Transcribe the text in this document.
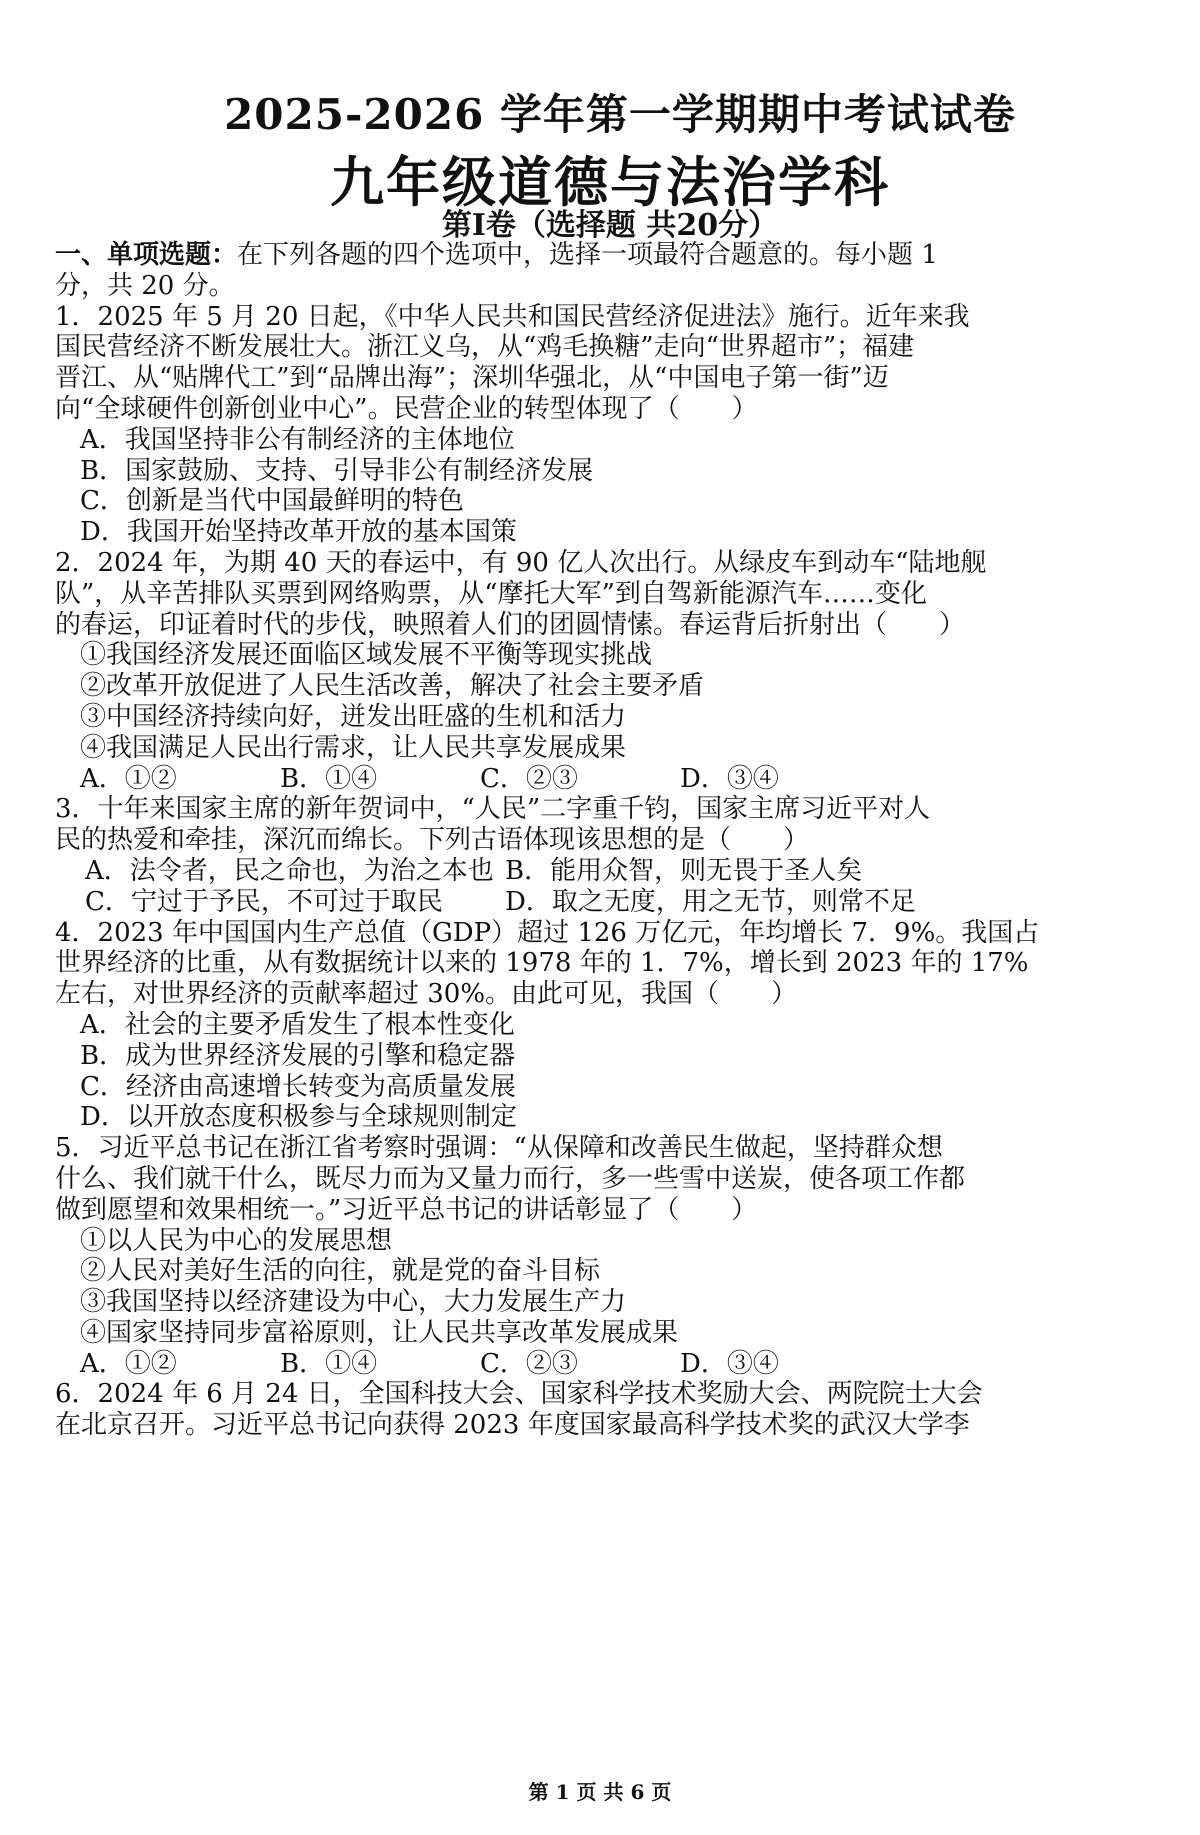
2025-2026 学年第一学期期中考试试卷
九年级道德与法治学科
第Ⅰ卷（选择题 共20分）
一、单项选题：在下列各题的四个选项中，选择一项最符合题意的。每小题 1
分，共 20 分。
1．2025 年 5 月 20 日起，《中华人民共和国民营经济促进法》施行。近年来我
国民营经济不断发展壮大。浙江义乌，从“鸡毛换糖”走向“世界超市”；福建
晋江、从“贴牌代工”到“品牌出海”；深圳华强北，从“中国电子第一街”迈
向“全球硬件创新创业中心”。民营企业的转型体现了（　　）
A．我国坚持非公有制经济的主体地位
B．国家鼓励、支持、引导非公有制经济发展
C．创新是当代中国最鲜明的特色
D．我国开始坚持改革开放的基本国策
2．2024 年，为期 40 天的春运中，有 90 亿人次出行。从绿皮车到动车“陆地舰
队”，从辛苦排队买票到网络购票，从“摩托大军”到自驾新能源汽车……变化
的春运，印证着时代的步伐，映照着人们的团圆情愫。春运背后折射出（　　）
①我国经济发展还面临区域发展不平衡等现实挑战
②改革开放促进了人民生活改善，解决了社会主要矛盾
③中国经济持续向好，迸发出旺盛的生机和活力
④我国满足人民出行需求，让人民共享发展成果
A．①②	B．①④	C．②③	D．③④
3．十年来国家主席的新年贺词中，“人民”二字重千钧，国家主席习近平对人
民的热爱和牵挂，深沉而绵长。下列古语体现该思想的是（　　）
A．法令者，民之命也，为治之本也 B．能用众智，则无畏于圣人矣
C．宁过于予民，不可过于取民	D．取之无度，用之无节，则常不足
4．2023 年中国国内生产总值（GDP）超过 126 万亿元，年均增长 7．9%。我国占
世界经济的比重，从有数据统计以来的 1978 年的 1．7%，增长到 2023 年的 17%
左右，对世界经济的贡献率超过 30%。由此可见，我国（　　）
A．社会的主要矛盾发生了根本性变化
B．成为世界经济发展的引擎和稳定器
C．经济由高速增长转变为高质量发展
D．以开放态度积极参与全球规则制定
5．习近平总书记在浙江省考察时强调：“从保障和改善民生做起，坚持群众想
什么、我们就干什么，既尽力而为又量力而行，多一些雪中送炭，使各项工作都
做到愿望和效果相统一。”习近平总书记的讲话彰显了（　　）
①以人民为中心的发展思想
②人民对美好生活的向往，就是党的奋斗目标
③我国坚持以经济建设为中心，大力发展生产力
④国家坚持同步富裕原则，让人民共享改革发展成果
A．①②	B．①④	C．②③	D．③④
6．2024 年 6 月 24 日，全国科技大会、国家科学技术奖励大会、两院院士大会
在北京召开。习近平总书记向获得 2023 年度国家最高科学技术奖的武汉大学李
第 1 页 共 6 页
